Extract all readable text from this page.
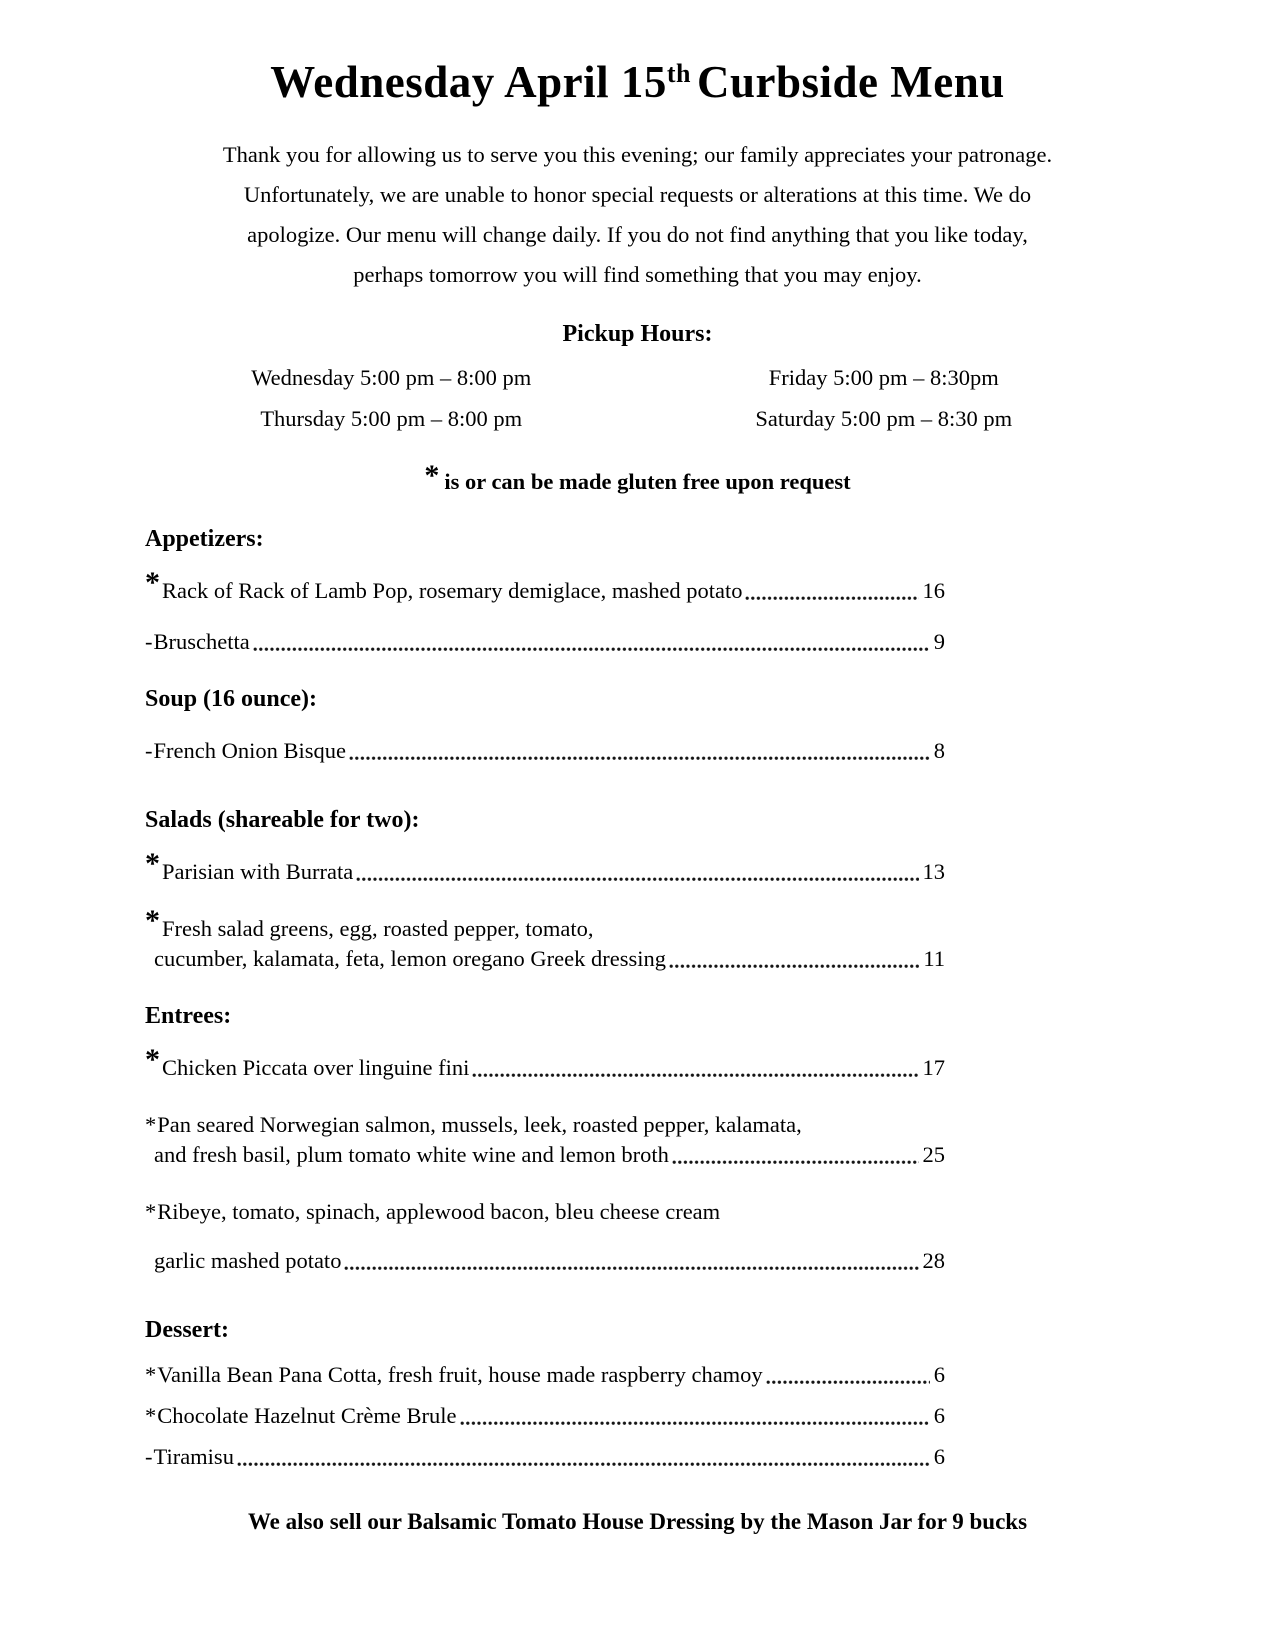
Wednesday April 15th Curbside Menu
Thank you for allowing us to serve you this evening; our family appreciates your patronage.
Unfortunately, we are unable to honor special requests or alterations at this time. We do
apologize. Our menu will change daily. If you do not find anything that you like today,
perhaps tomorrow you will find something that you may enjoy.
Pickup Hours:
Wednesday 5:00 pm – 8:00 pm
Thursday 5:00 pm – 8:00 pm
Friday 5:00 pm – 8:30pm
Saturday 5:00 pm – 8:30 pm
* is or can be made gluten free upon request
Appetizers:
*Rack of Rack of Lamb Pop, rosemary demiglace, mashed potato	16
-Bruschetta	9
Soup (16 ounce):
-French Onion Bisque	8
Salads (shareable for two):
*Parisian with Burrata	13
*Fresh salad greens, egg, roasted pepper, tomato,
cucumber, kalamata, feta, lemon oregano Greek dressing	11
Entrees:
*Chicken Piccata over linguine fini	17
*Pan seared Norwegian salmon, mussels, leek, roasted pepper, kalamata,
and fresh basil, plum tomato white wine and lemon broth	25
*Ribeye, tomato, spinach, applewood bacon, bleu cheese cream
garlic mashed potato	28
Dessert:
*Vanilla Bean Pana Cotta, fresh fruit, house made raspberry chamoy	6
*Chocolate Hazelnut Crème Brule	6
-Tiramisu	6
We also sell our Balsamic Tomato House Dressing by the Mason Jar for 9 bucks
